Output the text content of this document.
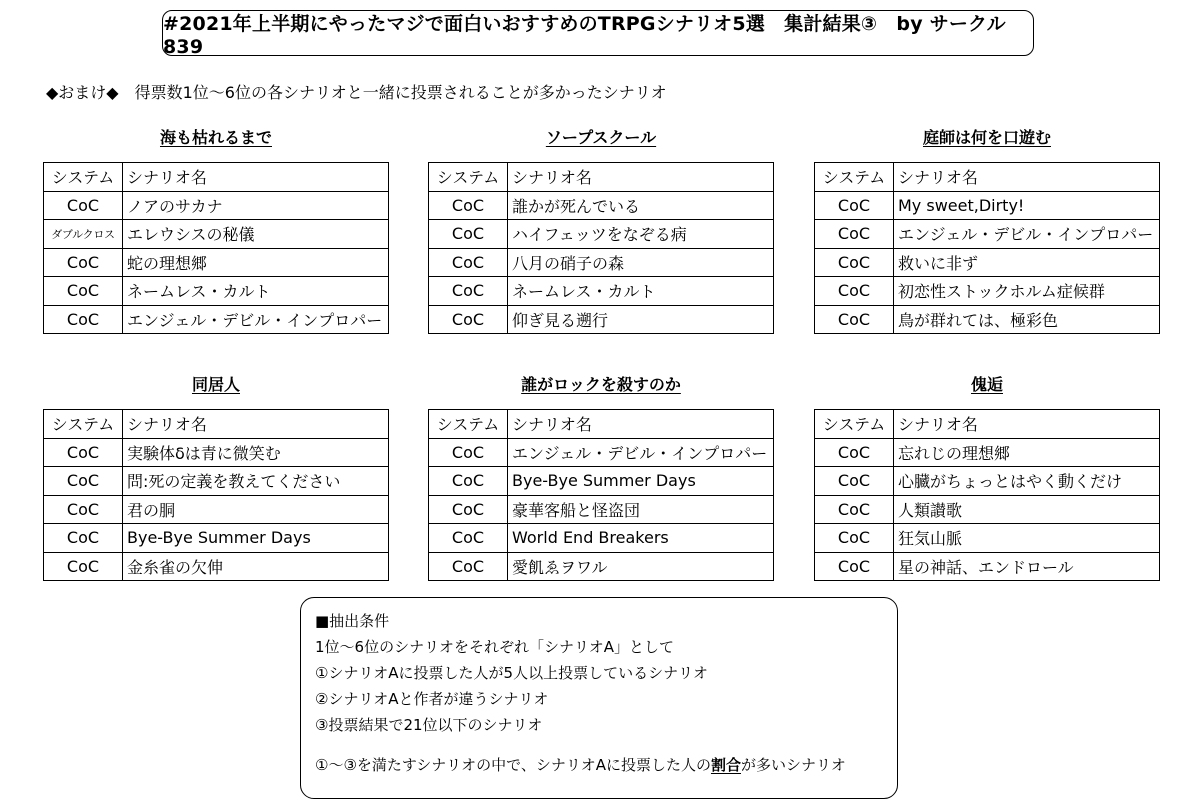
#2021年上半期にやったマジで面白いおすすめのTRPGシナリオ5選　集計結果③　by サークル839
◆おまけ◆　得票数1位～6位の各シナリオと一緒に投票されることが多かったシナリオ
海も枯れるまで
システム	シナリオ名
CoC	ノアのサカナ
ダブルクロス	エレウシスの秘儀
CoC	蛇の理想郷
CoC	ネームレス・カルト
CoC	エンジェル・デビル・インプロパー
ソープスクール
システム	シナリオ名
CoC	誰かが死んでいる
CoC	ハイフェッツをなぞる病
CoC	八月の硝子の森
CoC	ネームレス・カルト
CoC	仰ぎ見る遡行
庭師は何を口遊む
システム	シナリオ名
CoC	My sweet,Dirty!
CoC	エンジェル・デビル・インプロパー
CoC	救いに非ず
CoC	初恋性ストックホルム症候群
CoC	鳥が群れては、極彩色
同居人
システム	シナリオ名
CoC	実験体δは青に微笑む
CoC	問:死の定義を教えてください
CoC	君の胴
CoC	Bye-Bye Summer Days
CoC	金糸雀の欠伸
誰がロックを殺すのか
システム	シナリオ名
CoC	エンジェル・デビル・インプロパー
CoC	Bye-Bye Summer Days
CoC	豪華客船と怪盗団
CoC	World End Breakers
CoC	愛飢ゑヲワル
傀逅
システム	シナリオ名
CoC	忘れじの理想郷
CoC	心臓がちょっとはやく動くだけ
CoC	人類讃歌
CoC	狂気山脈
CoC	星の神話、エンドロール
■抽出条件
1位～6位のシナリオをそれぞれ「シナリオA」として
①シナリオAに投票した人が5人以上投票しているシナリオ
②シナリオAと作者が違うシナリオ
③投票結果で21位以下のシナリオ
①～③を満たすシナリオの中で、シナリオAに投票した人の割合が多いシナリオ
